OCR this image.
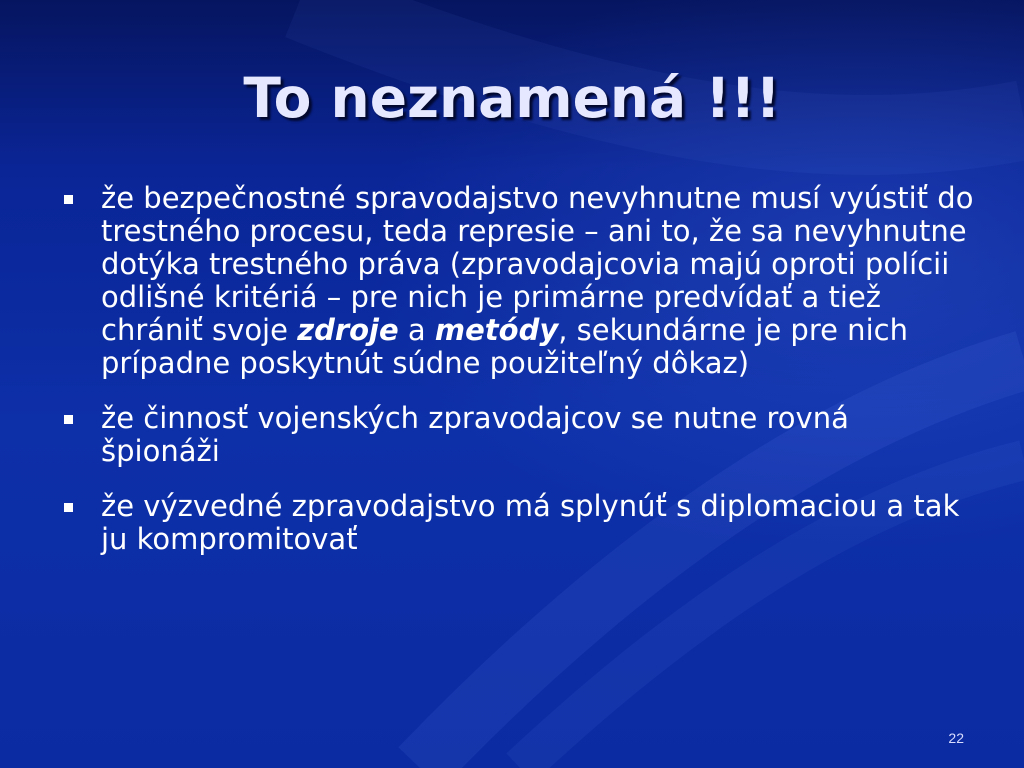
To neznamená !!!
že bezpečnostné spravodajstvo nevyhnutne musí vyústiť do trestného procesu, teda represie – ani to, že sa nevyhnutne dotýka trestného práva (zpravodajcovia majú oproti polícii odlišné kritériá – pre nich je primárne predvídať a tiež chrániť svoje zdroje a metódy, sekundárne je pre nich prípadne poskytnút súdne použiteľný dôkaz)
že činnosť vojenských zpravodajcov se nutne rovná špionáži
že výzvedné zpravodajstvo má splynúť s diplomaciou a tak ju kompromitovať
22
